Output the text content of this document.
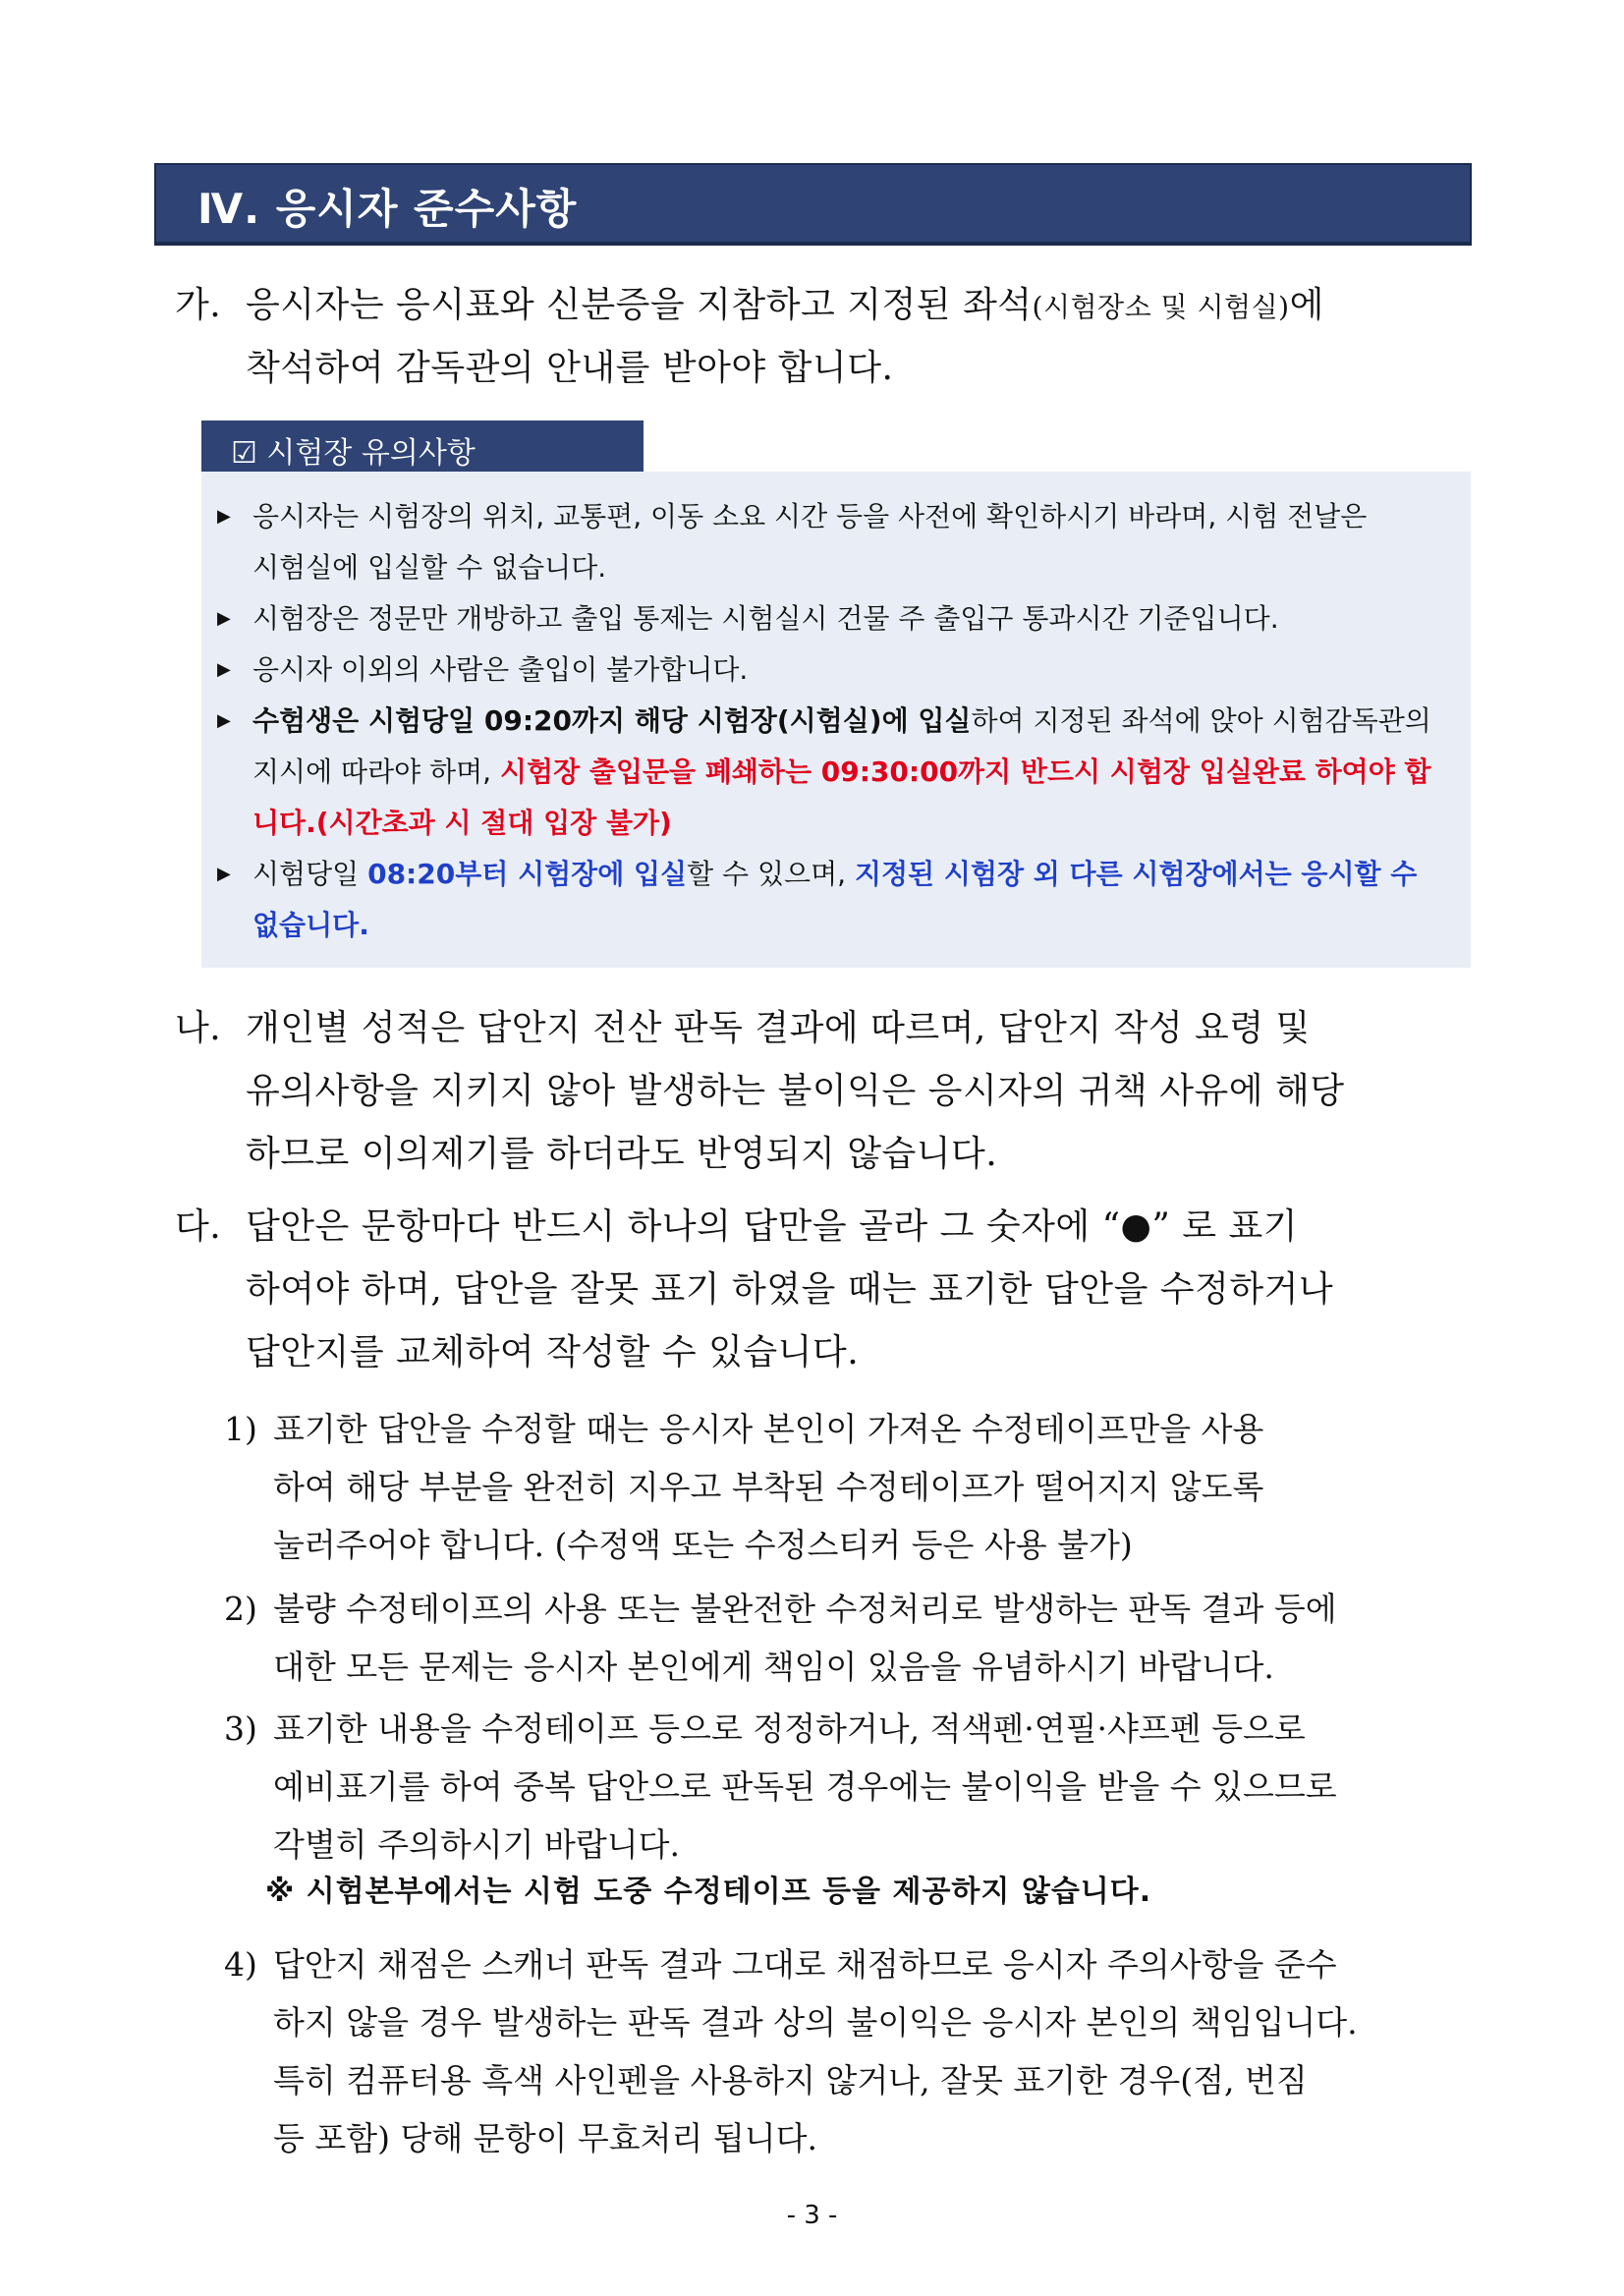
Ⅳ. 응시자 준수사항
가. 응시자는 응시표와 신분증을 지참하고 지정된 좌석(시험장소 및 시험실)에
착석하여 감독관의 안내를 받아야 합니다.
☑ 시험장 유의사항
▶ 응시자는 시험장의 위치, 교통편, 이동 소요 시간 등을 사전에 확인하시기 바라며, 시험 전날은
시험실에 입실할 수 없습니다.
▶ 시험장은 정문만 개방하고 출입 통제는 시험실시 건물 주 출입구 통과시간 기준입니다.
▶ 응시자 이외의 사람은 출입이 불가합니다.
▶ 수험생은 시험당일 09:20까지 해당 시험장(시험실)에 입실하여 지정된 좌석에 앉아 시험감독관의
지시에 따라야 하며, 시험장 출입문을 폐쇄하는 09:30:00까지 반드시 시험장 입실완료 하여야 합
니다.(시간초과 시 절대 입장 불가)
▶ 시험당일 08:20부터 시험장에 입실할 수 있으며, 지정된 시험장 외 다른 시험장에서는 응시할 수
없습니다.
나. 개인별 성적은 답안지 전산 판독 결과에 따르며, 답안지 작성 요령 및
유의사항을 지키지 않아 발생하는 불이익은 응시자의 귀책 사유에 해당
하므로 이의제기를 하더라도 반영되지 않습니다.
다. 답안은 문항마다 반드시 하나의 답만을 골라 그 숫자에 “●” 로 표기
하여야 하며, 답안을 잘못 표기 하였을 때는 표기한 답안을 수정하거나
답안지를 교체하여 작성할 수 있습니다.
1) 표기한 답안을 수정할 때는 응시자 본인이 가져온 수정테이프만을 사용
하여 해당 부분을 완전히 지우고 부착된 수정테이프가 떨어지지 않도록
눌러주어야 합니다. (수정액 또는 수정스티커 등은 사용 불가)
2) 불량 수정테이프의 사용 또는 불완전한 수정처리로 발생하는 판독 결과 등에
대한 모든 문제는 응시자 본인에게 책임이 있음을 유념하시기 바랍니다.
3) 표기한 내용을 수정테이프 등으로 정정하거나, 적색펜·연필·샤프펜 등으로
예비표기를 하여 중복 답안으로 판독된 경우에는 불이익을 받을 수 있으므로
각별히 주의하시기 바랍니다.
※ 시험본부에서는 시험 도중 수정테이프 등을 제공하지 않습니다.
4) 답안지 채점은 스캐너 판독 결과 그대로 채점하므로 응시자 주의사항을 준수
하지 않을 경우 발생하는 판독 결과 상의 불이익은 응시자 본인의 책임입니다.
특히 컴퓨터용 흑색 사인펜을 사용하지 않거나, 잘못 표기한 경우(점, 번짐
등 포함) 당해 문항이 무효처리 됩니다.
- 3 -
